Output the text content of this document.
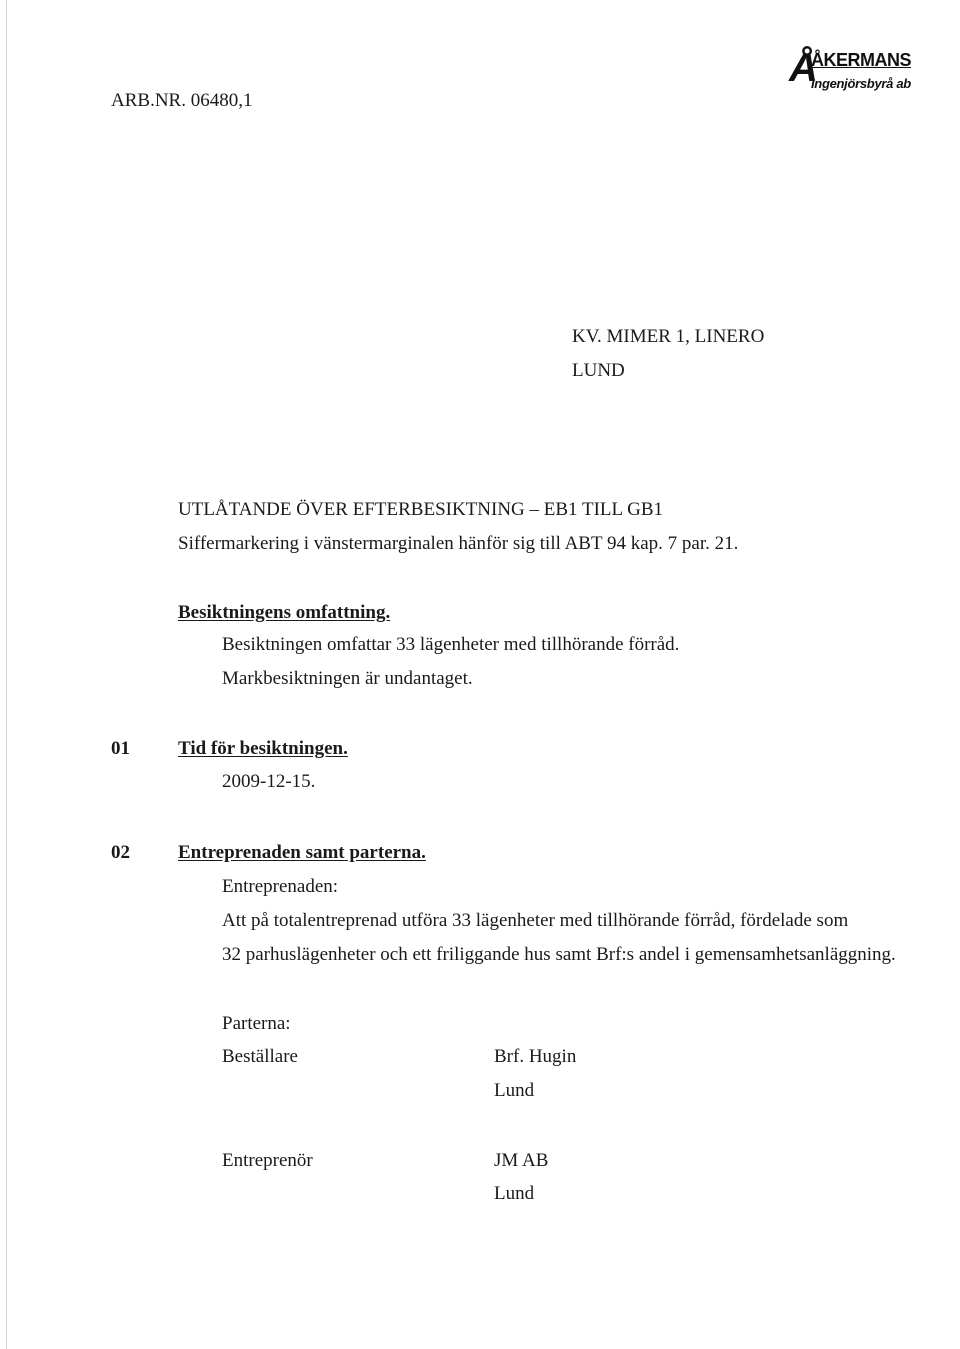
ARB.NR. 06480,1
Å
ÅKERMANS
Ingenjörsbyrå ab
KV. MIMER 1, LINERO
LUND
UTLÅTANDE ÖVER EFTERBESIKTNING – EB1 TILL GB1
Siffermarkering i vänstermarginalen hänför sig till ABT 94 kap. 7 par. 21.
Besiktningens omfattning.
Besiktningen omfattar 33 lägenheter med tillhörande förråd.
Markbesiktningen är undantaget.
01	Tid för besiktningen.
2009-12-15.
02	Entreprenaden samt parterna.
Entreprenaden:
Att på totalentreprenad utföra 33 lägenheter med tillhörande förråd, fördelade som
32 parhuslägenheter och ett friliggande hus samt Brf:s andel i gemensamhetsanläggning.
Parterna:
Beställare	Brf. Hugin
Lund
Entreprenör	JM AB
Lund
